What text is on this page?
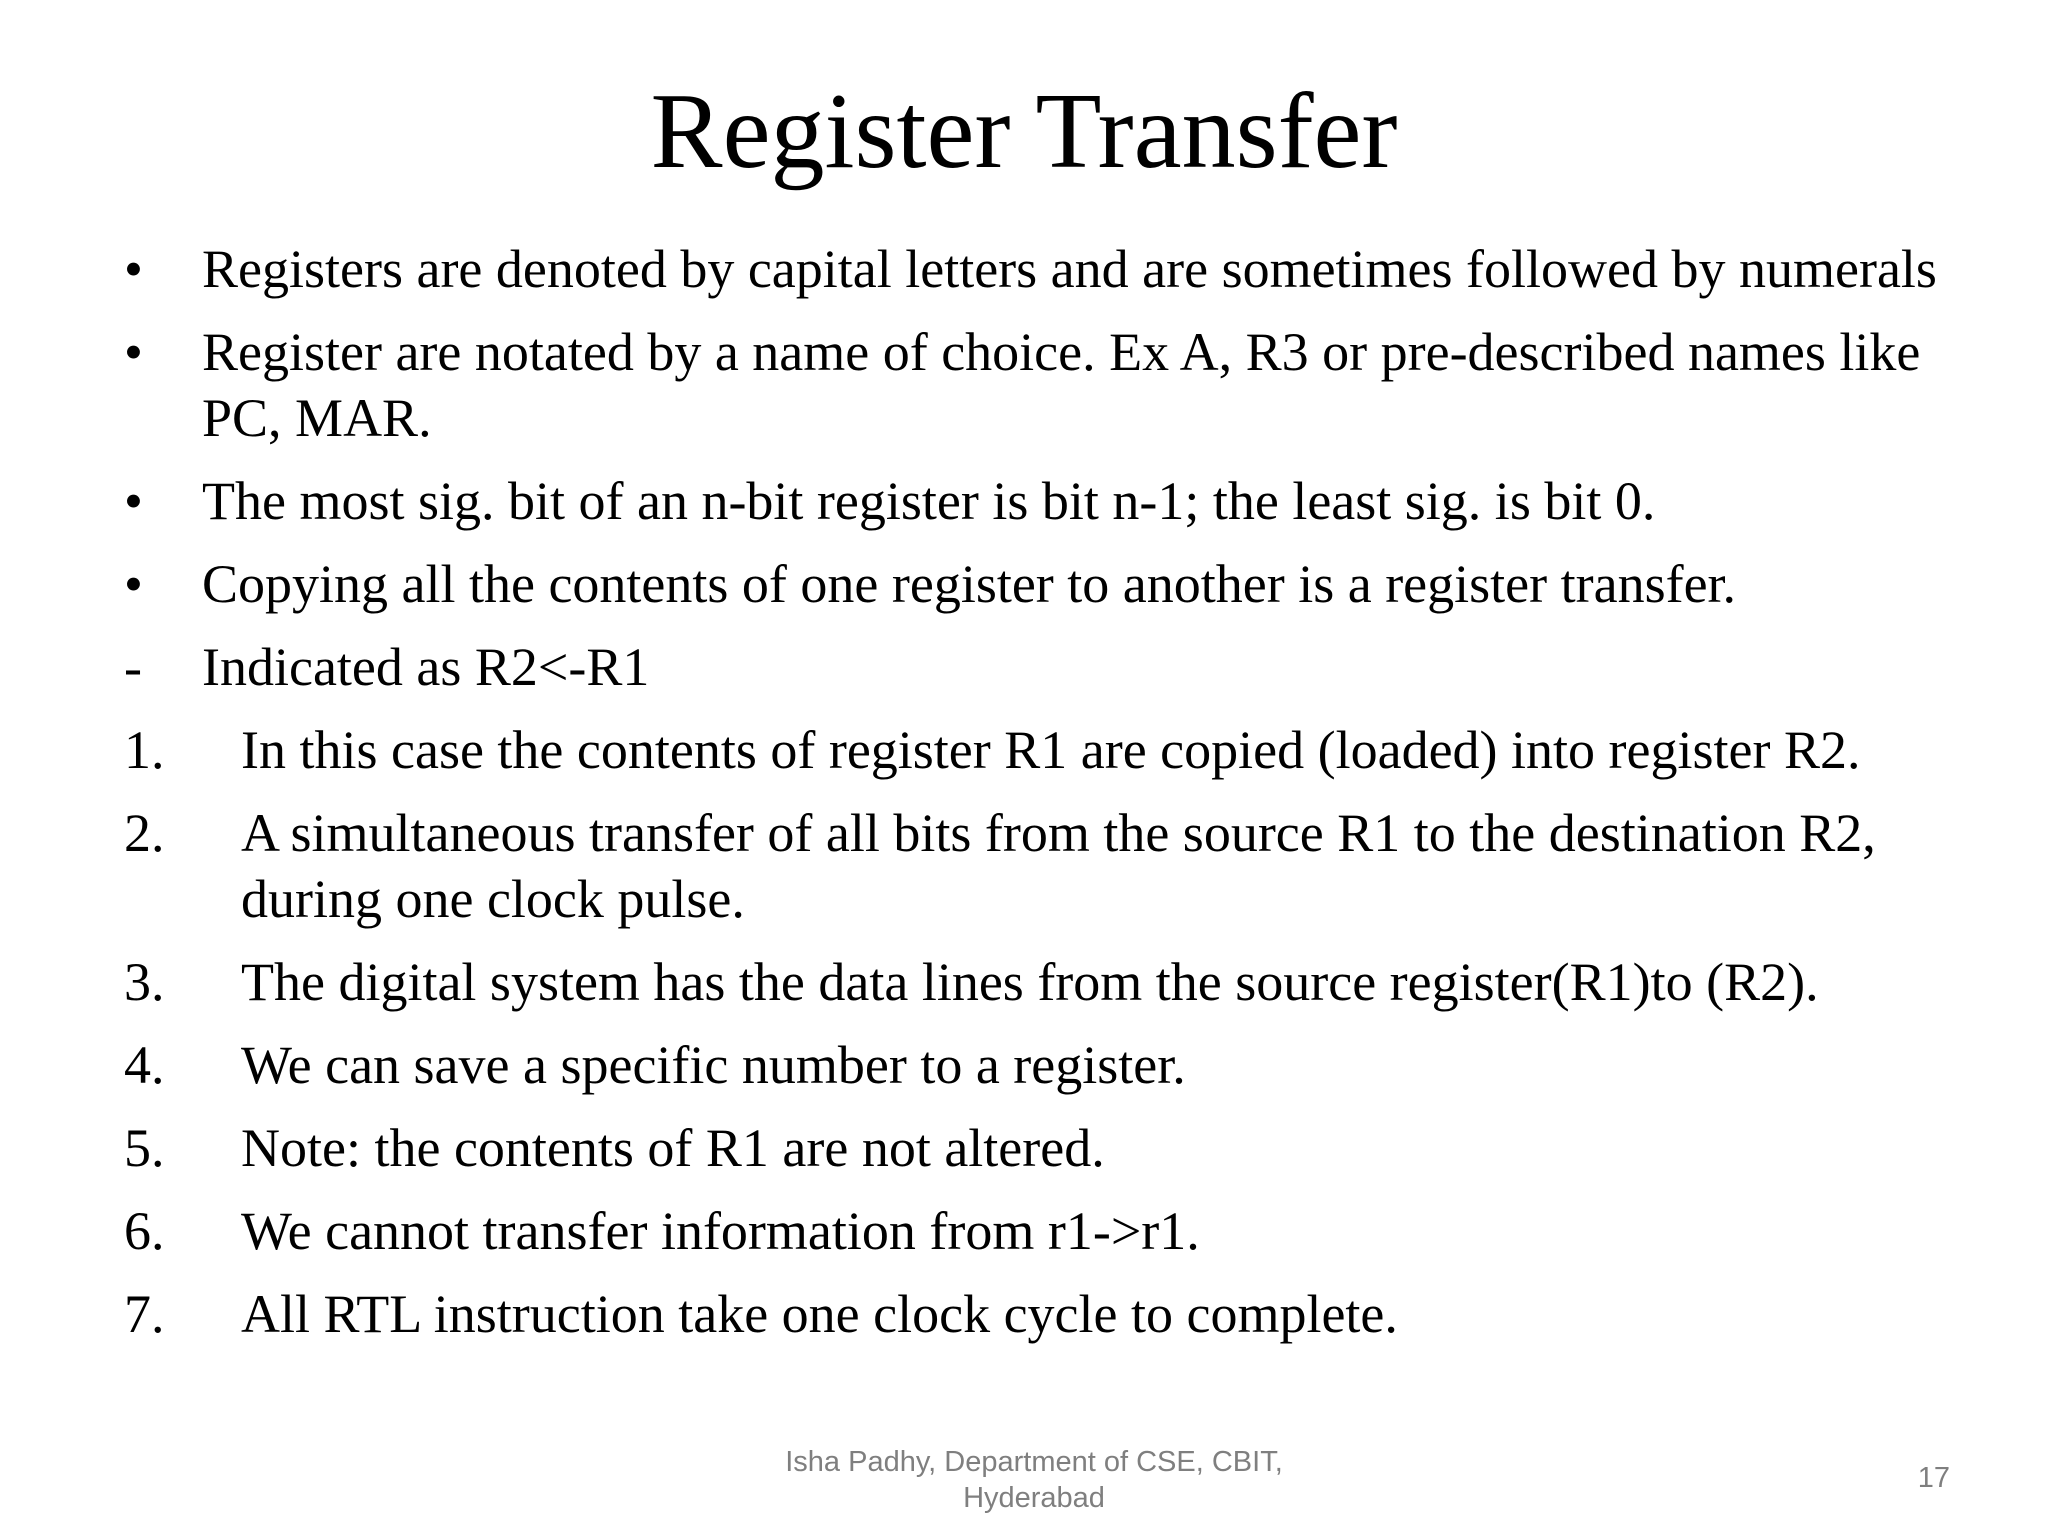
Register Transfer
• Registers are denoted by capital letters and are sometimes followed by numerals
• Register are notated by a name of choice. Ex A, R3 or pre-described names like PC, MAR.
• The most sig. bit of an n-bit register is bit n-1; the least sig. is bit 0.
• Copying all the contents of one register to another is a register transfer.
- Indicated as R2<-R1
1. In this case the contents of register R1 are copied (loaded) into register R2.
2. A simultaneous transfer of all bits from the source R1 to the destination R2, during one clock pulse.
3. The digital system has the data lines from the source register(R1)to (R2).
4. We can save a specific number to a register.
5. Note: the contents of R1 are not altered.
6. We cannot transfer information from r1->r1.
7. All RTL instruction take one clock cycle to complete.
Isha Padhy, Department of CSE, CBIT, Hyderabad
17
